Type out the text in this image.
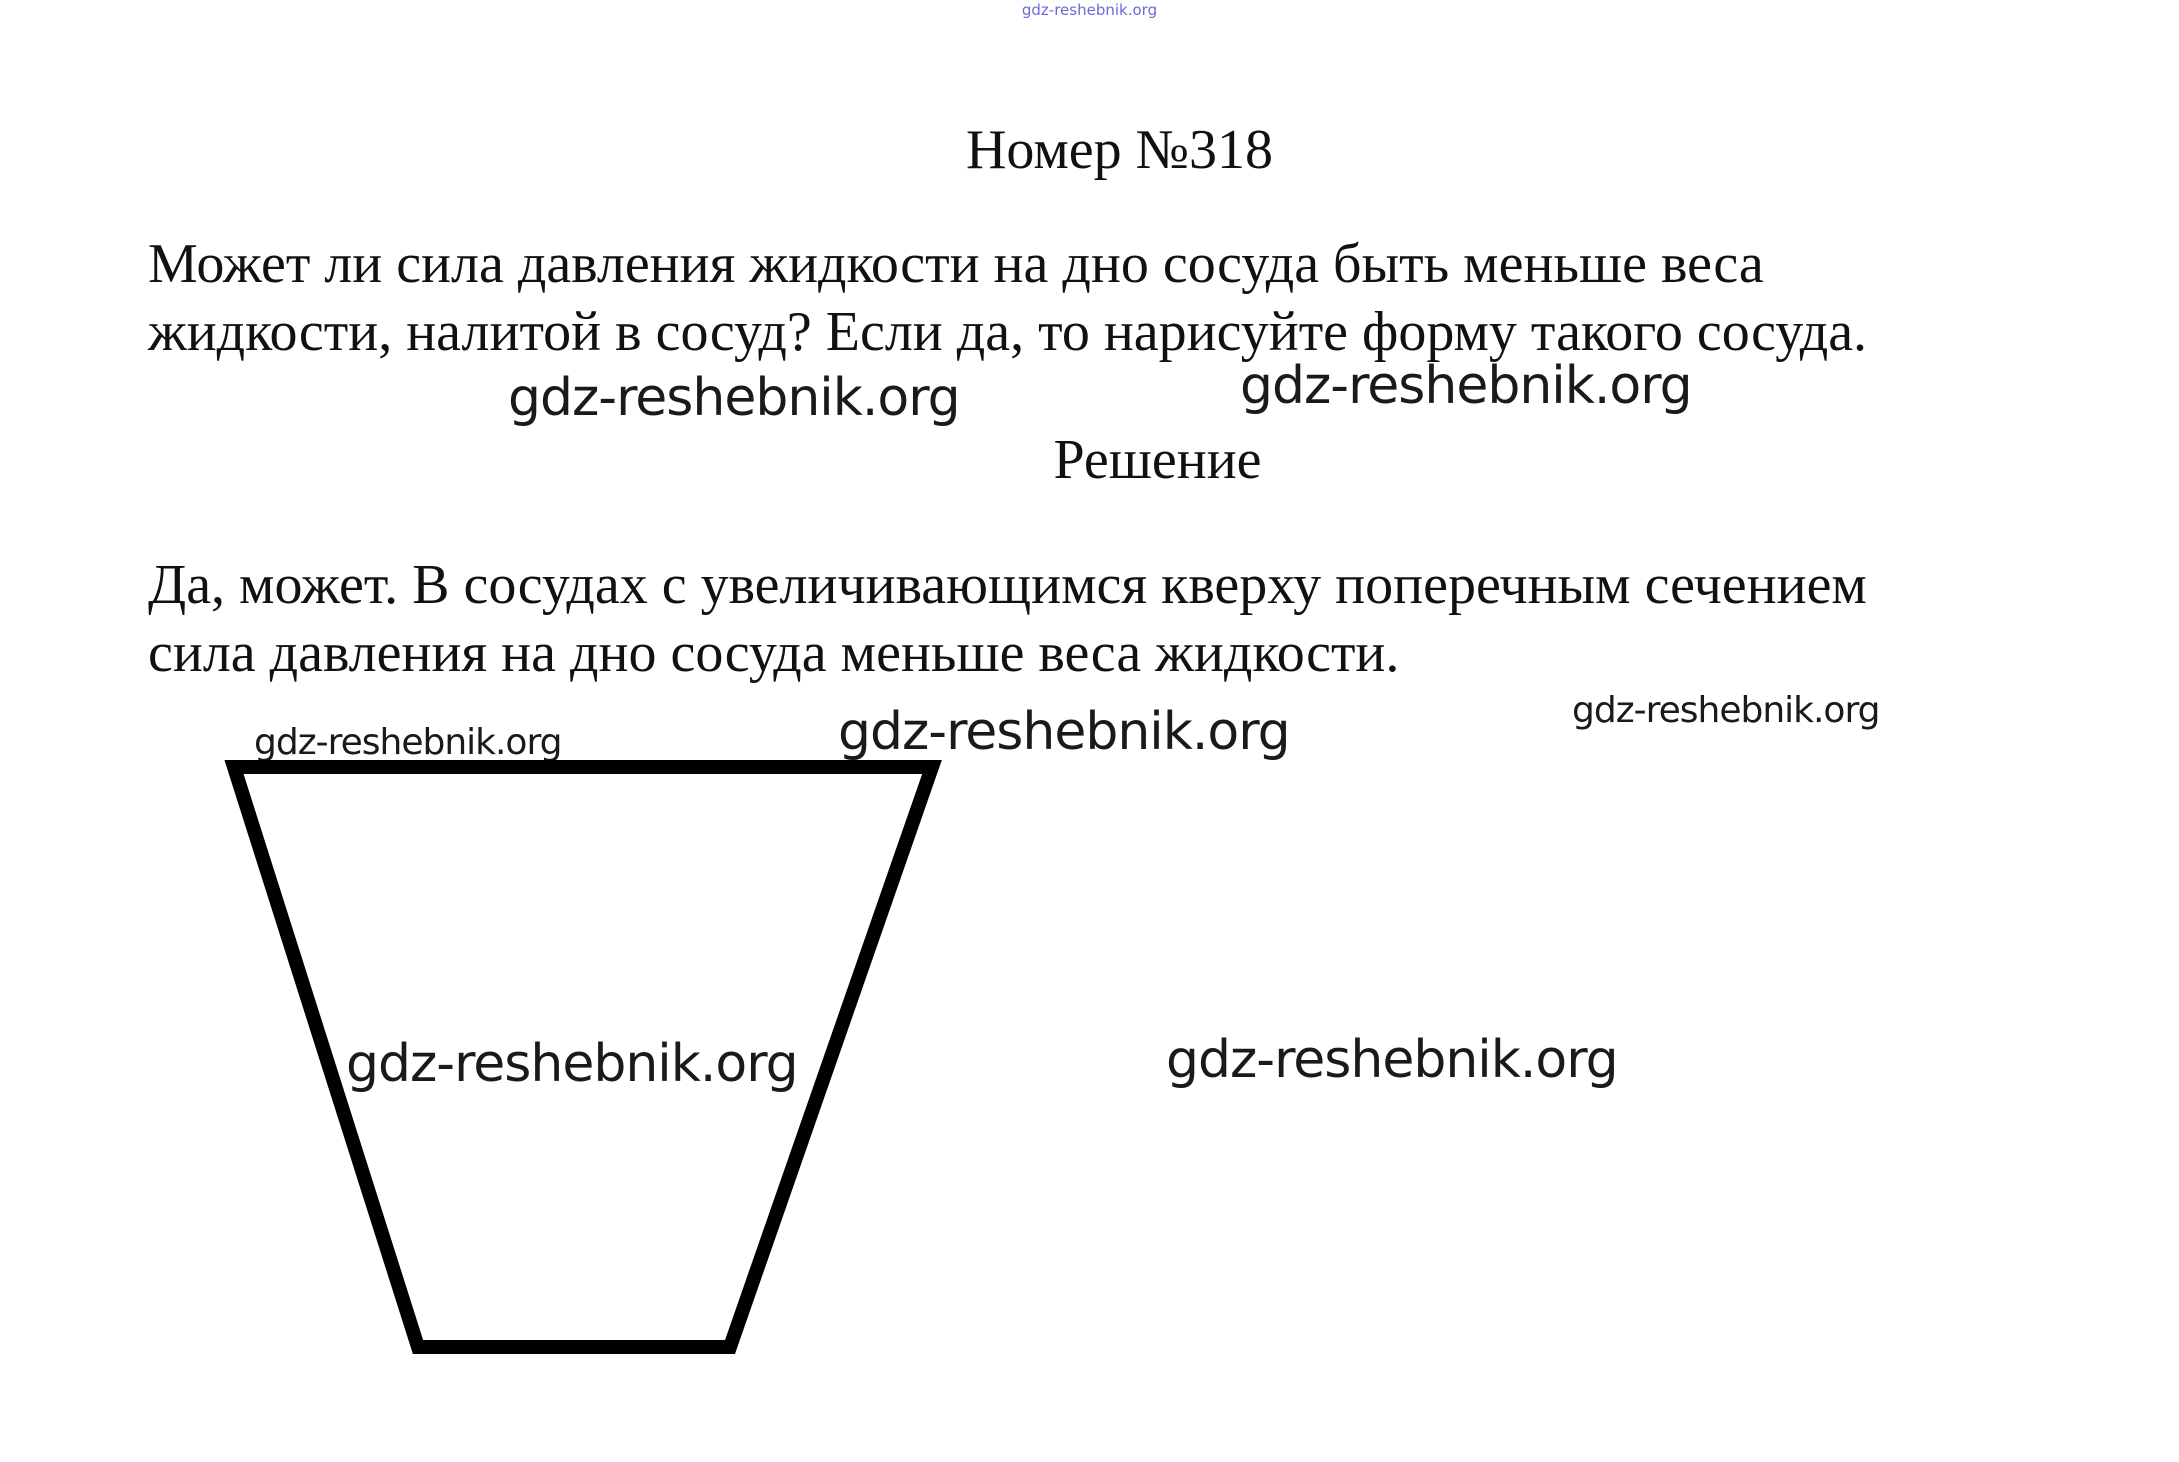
gdz-reshebnik.org
Номер №318
Может ли сила давления жидкости на дно сосуда быть меньше веса
жидкости, налитой в сосуд? Если да, то нарисуйте форму такого сосуда.
gdz-reshebnik.org	gdz-reshebnik.org
Решение
Да, может. В сосудах с увеличивающимся кверху поперечным сечением
сила давления на дно сосуда меньше веса жидкости.
gdz-reshebnik.org	gdz-reshebnik.org	gdz-reshebnik.org
gdz-reshebnik.org	gdz-reshebnik.org
